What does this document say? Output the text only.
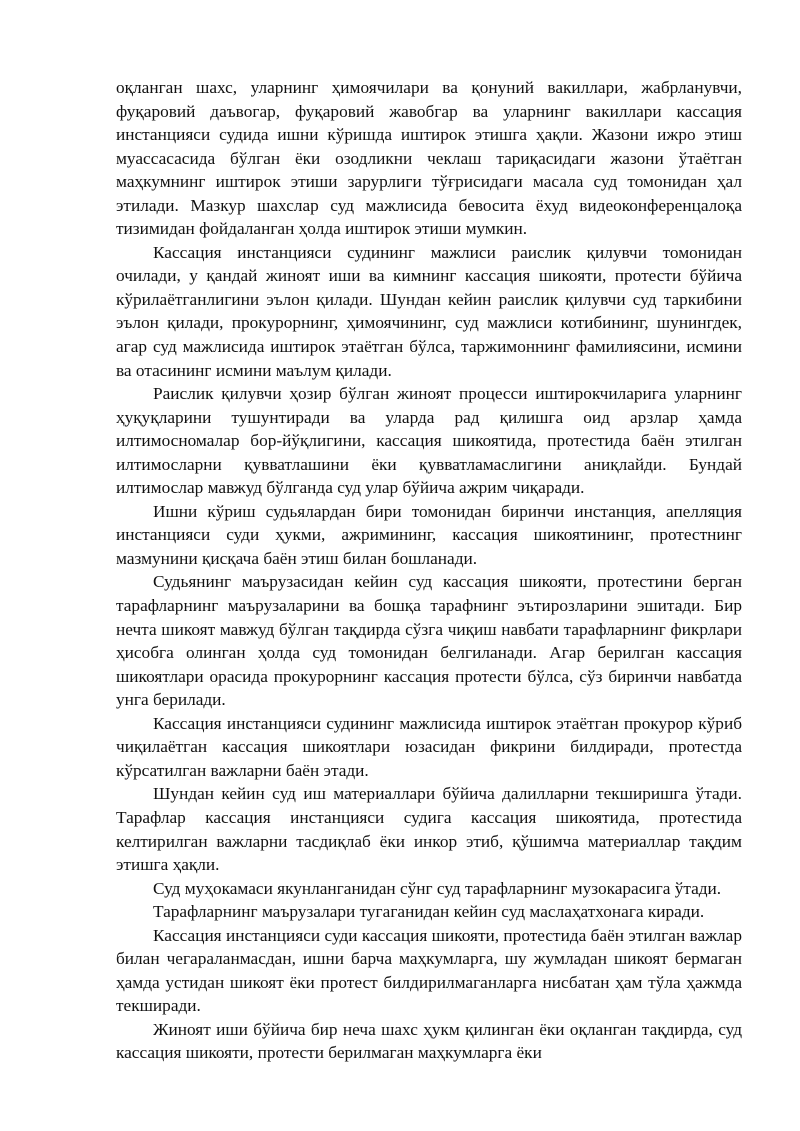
оқланган шахс, уларнинг ҳимоячилари ва қонуний вакиллари, жабрланувчи, фуқаровий даъвогар, фуқаровий жавобгар ва уларнинг вакиллари кассация инстанцияси судида ишни кўришда иштирок этишга ҳақли. Жазони ижро этиш муассасасида бўлган ёки озодликни чеклаш тариқасидаги жазони ўтаётган маҳкумнинг иштирок этиши зарурлиги тўғрисидаги масала суд томонидан ҳал этилади. Мазкур шахслар суд мажлисида бевосита ёхуд видеоконференцалоқа тизимидан фойдаланган ҳолда иштирок этиши мумкин.

Кассация инстанцияси судининг мажлиси раислик қилувчи томонидан очилади, у қандай жиноят иши ва кимнинг кассация шикояти, протести бўйича кўрилаётганлигини эълон қилади. Шундан кейин раислик қилувчи суд таркибини эълон қилади, прокурорнинг, ҳимоячининг, суд мажлиси котибининг, шунингдек, агар суд мажлисида иштирок этаётган бўлса, таржимоннинг фамилиясини, исмини ва отасининг исмини маълум қилади.

Раислик қилувчи ҳозир бўлган жиноят процесси иштирокчиларига уларнинг ҳуқуқларини тушунтиради ва уларда рад қилишга оид арзлар ҳамда илтимосномалар бор-йўқлигини, кассация шикоятида, протестида баён этилган илтимосларни қувватлашини ёки қувватламаслигини аниқлайди. Бундай илтимослар мавжуд бўлганда суд улар бўйича ажрим чиқаради.

Ишни кўриш судьялардан бири томонидан биринчи инстанция, апелляция инстанцияси суди ҳукми, ажримининг, кассация шикоятининг, протестнинг мазмунини қисқача баён этиш билан бошланади.

Судьянинг маърузасидан кейин суд кассация шикояти, протестини берган тарафларнинг маърузаларини ва бошқа тарафнинг эътирозларини эшитади. Бир нечта шикоят мавжуд бўлган тақдирда сўзга чиқиш навбати тарафларнинг фикрлари ҳисобга олинган ҳолда суд томонидан белгиланади. Агар берилган кассация шикоятлари орасида прокурорнинг кассация протести бўлса, сўз биринчи навбатда унга берилади.

Кассация инстанцияси судининг мажлисида иштирок этаётган прокурор кўриб чиқилаётган кассация шикоятлари юзасидан фикрини билдиради, протестда кўрсатилган важларни баён этади.

Шундан кейин суд иш материаллари бўйича далилларни текширишга ўтади. Тарафлар кассация инстанцияси судига кассация шикоятида, протестида келтирилган важларни тасдиқлаб ёки инкор этиб, қўшимча материаллар тақдим этишга ҳақли.

Суд муҳокамаси якунланганидан сўнг суд тарафларнинг музокарасига ўтади.

Тарафларнинг маърузалари тугаганидан кейин суд маслаҳатхонага киради.

Кассация инстанцияси суди кассация шикояти, протестида баён этилган важлар билан чегараланмасдан, ишни барча маҳкумларга, шу жумладан шикоят бермаган ҳамда устидан шикоят ёки протест билдирилмаганларга нисбатан ҳам тўла ҳажмда текширади.

Жиноят иши бўйича бир неча шахс ҳукм қилинган ёки оқланган тақдирда, суд кассация шикояти, протести берилмаган маҳкумларга ёки
